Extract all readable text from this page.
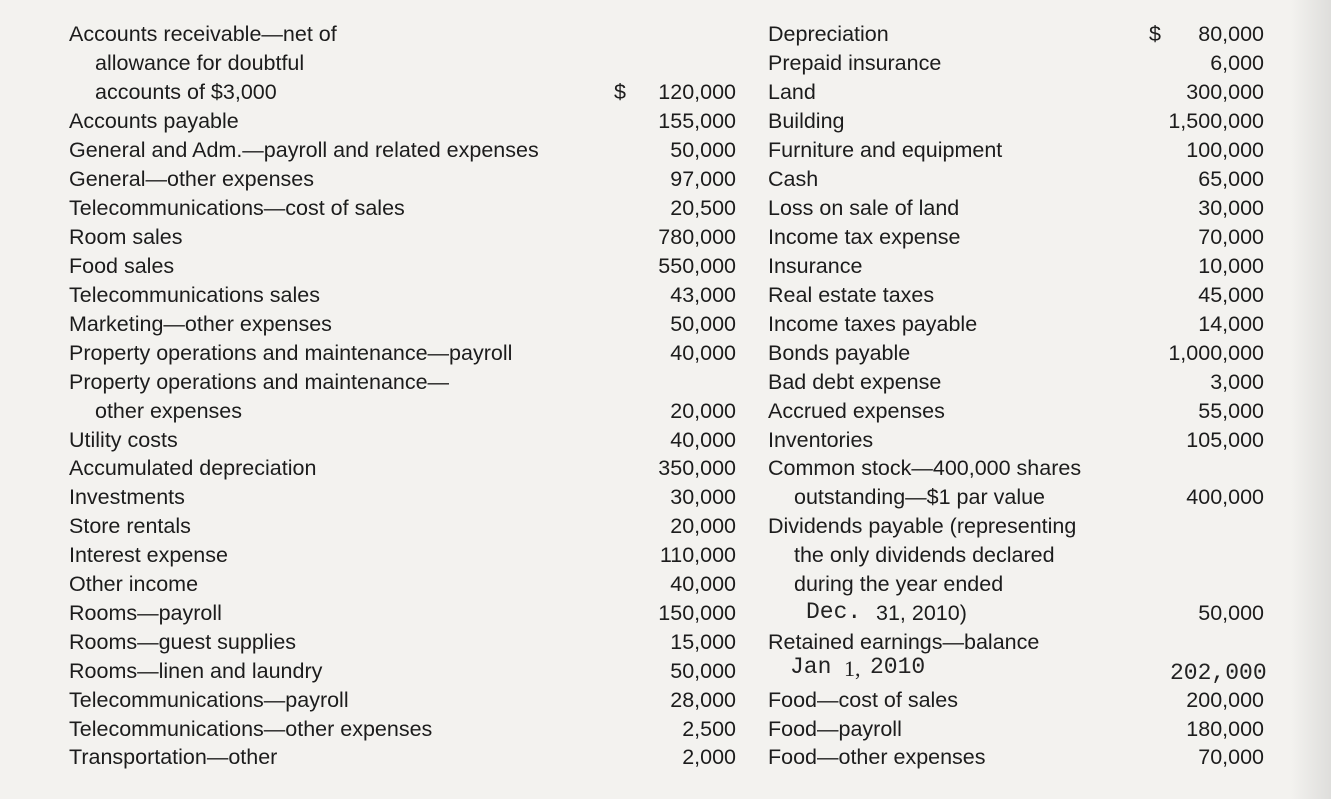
Accounts receivable—net of
allowance for doubtful
accounts of $3,000	$ 120,000
Accounts payable	155,000
General and Adm.—payroll and related expenses	50,000
General—other expenses	97,000
Telecommunications—cost of sales	20,500
Room sales	780,000
Food sales	550,000
Telecommunications sales	43,000
Marketing—other expenses	50,000
Property operations and maintenance—payroll	40,000
Property operations and maintenance—
other expenses	20,000
Utility costs	40,000
Accumulated depreciation	350,000
Investments	30,000
Store rentals	20,000
Interest expense	110,000
Other income	40,000
Rooms—payroll	150,000
Rooms—guest supplies	15,000
Rooms—linen and laundry	50,000
Telecommunications—payroll	28,000
Telecommunications—other expenses	2,500
Transportation—other	2,000
Depreciation	$ 80,000
Prepaid insurance	6,000
Land	300,000
Building	1,500,000
Furniture and equipment	100,000
Cash	65,000
Loss on sale of land	30,000
Income tax expense	70,000
Insurance	10,000
Real estate taxes	45,000
Income taxes payable	14,000
Bonds payable	1,000,000
Bad debt expense	3,000
Accrued expenses	55,000
Inventories	105,000
Common stock—400,000 shares
outstanding—$1 par value	400,000
Dividends payable (representing
the only dividends declared
during the year ended
Dec. 31, 2010)	50,000
Retained earnings—balance
Jan 1, 2010	202,000
Food—cost of sales	200,000
Food—payroll	180,000
Food—other expenses	70,000
